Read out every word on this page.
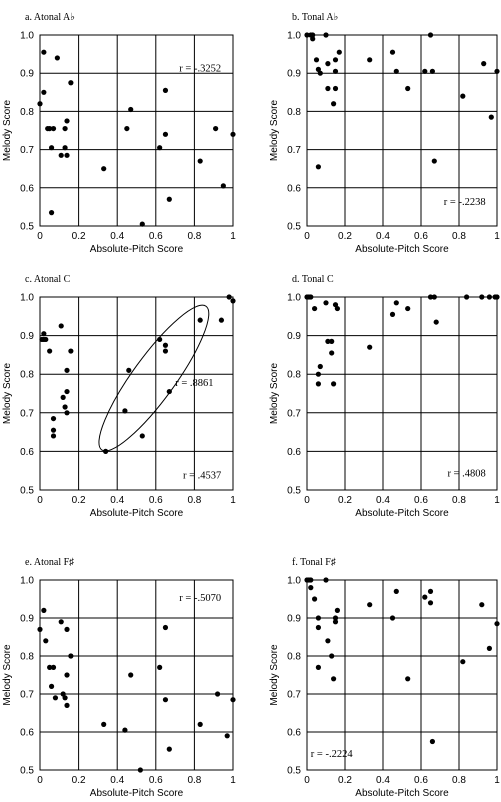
a. Atonal A♭
0	0.2 0.4 0.6 0.8	1
0.5
0.6
0.7
0.8
0.9
1.0
Absolute-Pitch Score
Melody Score
r = -.3252
b. Tonal A♭
0	0.2 0.4 0.6 0.8	1
0.5
0.6
0.7
0.8
0.9
1.0
Absolute-Pitch Score
Melody Score
r = -.2238
c. Atonal C
0	0.2 0.4 0.6 0.8	1
0.5
0.6
0.7
0.8
0.9
1.0
Absolute-Pitch Score
Melody Score	r = .8861
r = .4537
d. Tonal C
0	0.2 0.4 0.6 0.8	1
0.5
0.6
0.7
0.8
0.9
1.0
Absolute-Pitch Score
Melody Score
r = .4808
e. Atonal F♯
0	0.2 0.4 0.6 0.8	1
0.5
0.6
0.7
0.8
0.9
1.0
Absolute-Pitch Score
Melody Score
r = -.5070
f. Tonal F♯
0	0.2 0.4 0.6 0.8	1
0.5
0.6
0.7
0.8
0.9
1.0
Absolute-Pitch Score
Melody Score
r = -.2224
